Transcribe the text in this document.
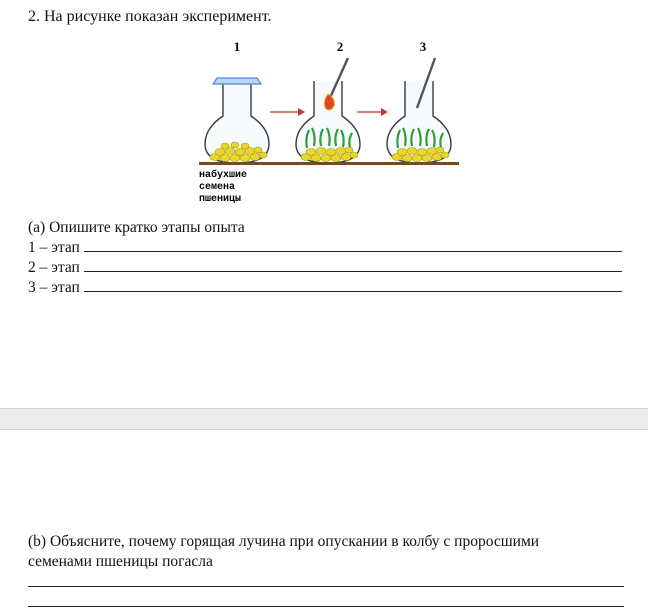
2. На рисунке показан эксперимент.
1	2	3
набухшие
семена
пшеницы
(a) Опишите кратко этапы опыта
1 – этап
2 – этап
3 – этап
(b) Объясните, почему горящая лучина при опускании в колбу с проросшими
семенами пшеницы погасла
